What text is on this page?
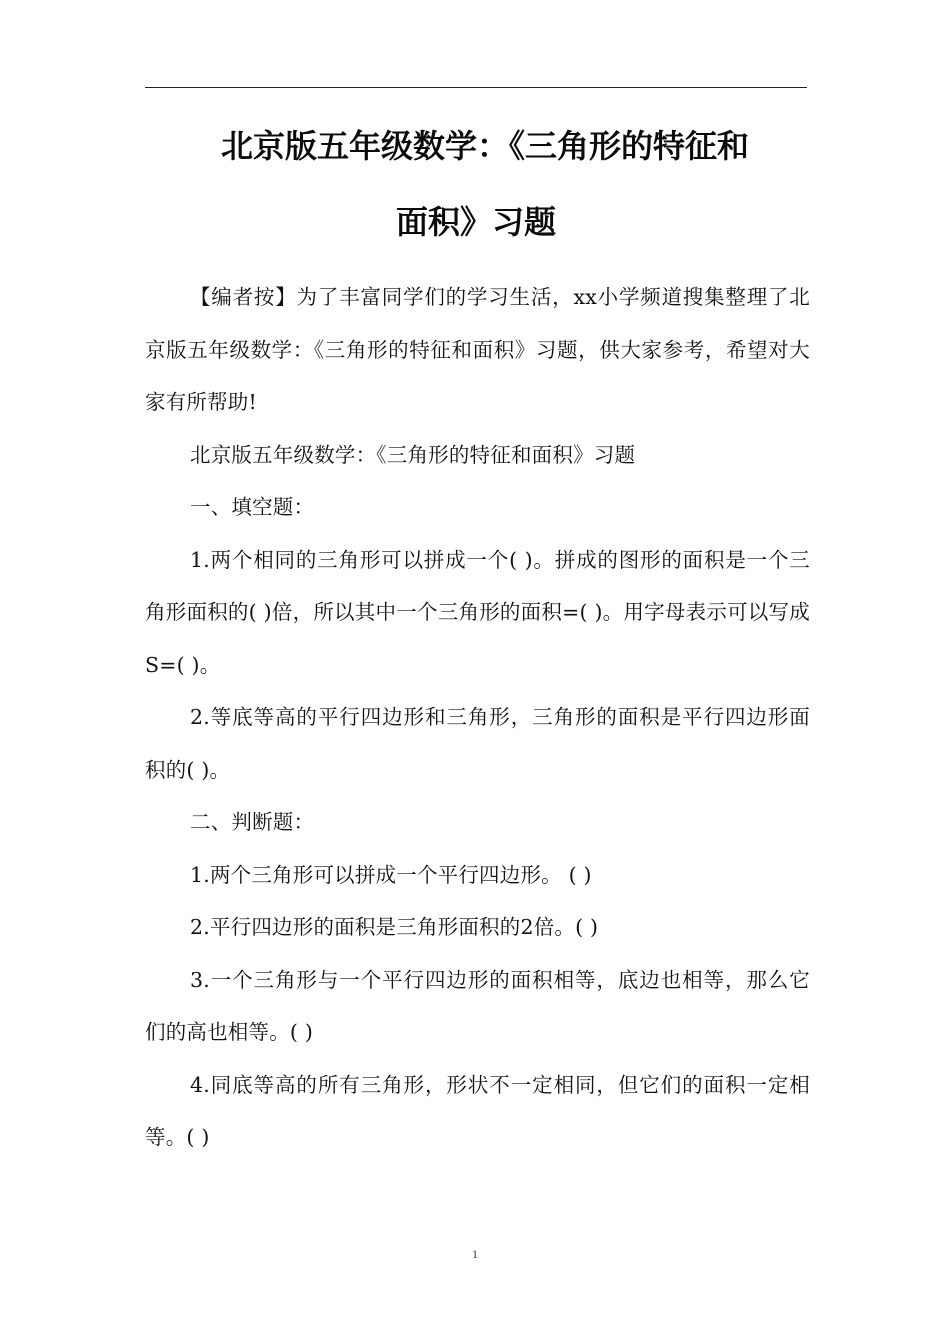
北京版五年级数学：《三角形的特征和
面积》习题

【编者按】为了丰富同学们的学习生活，xx小学频道搜集整理了北京版五年级数学：《三角形的特征和面积》习题，供大家参考，希望对大家有所帮助!

北京版五年级数学：《三角形的特征和面积》习题

一、填空题：

1.两个相同的三角形可以拼成一个( )。拼成的图形的面积是一个三角形面积的( )倍，所以其中一个三角形的面积=( )。用字母表示可以写成S=( )。

2.等底等高的平行四边形和三角形，三角形的面积是平行四边形面积的( )。

二、判断题：

1.两个三角形可以拼成一个平行四边形。 ( )

2.平行四边形的面积是三角形面积的2倍。( )

3.一个三角形与一个平行四边形的面积相等，底边也相等，那么它们的高也相等。( )

4.同底等高的所有三角形，形状不一定相同，但它们的面积一定相等。( )

1
